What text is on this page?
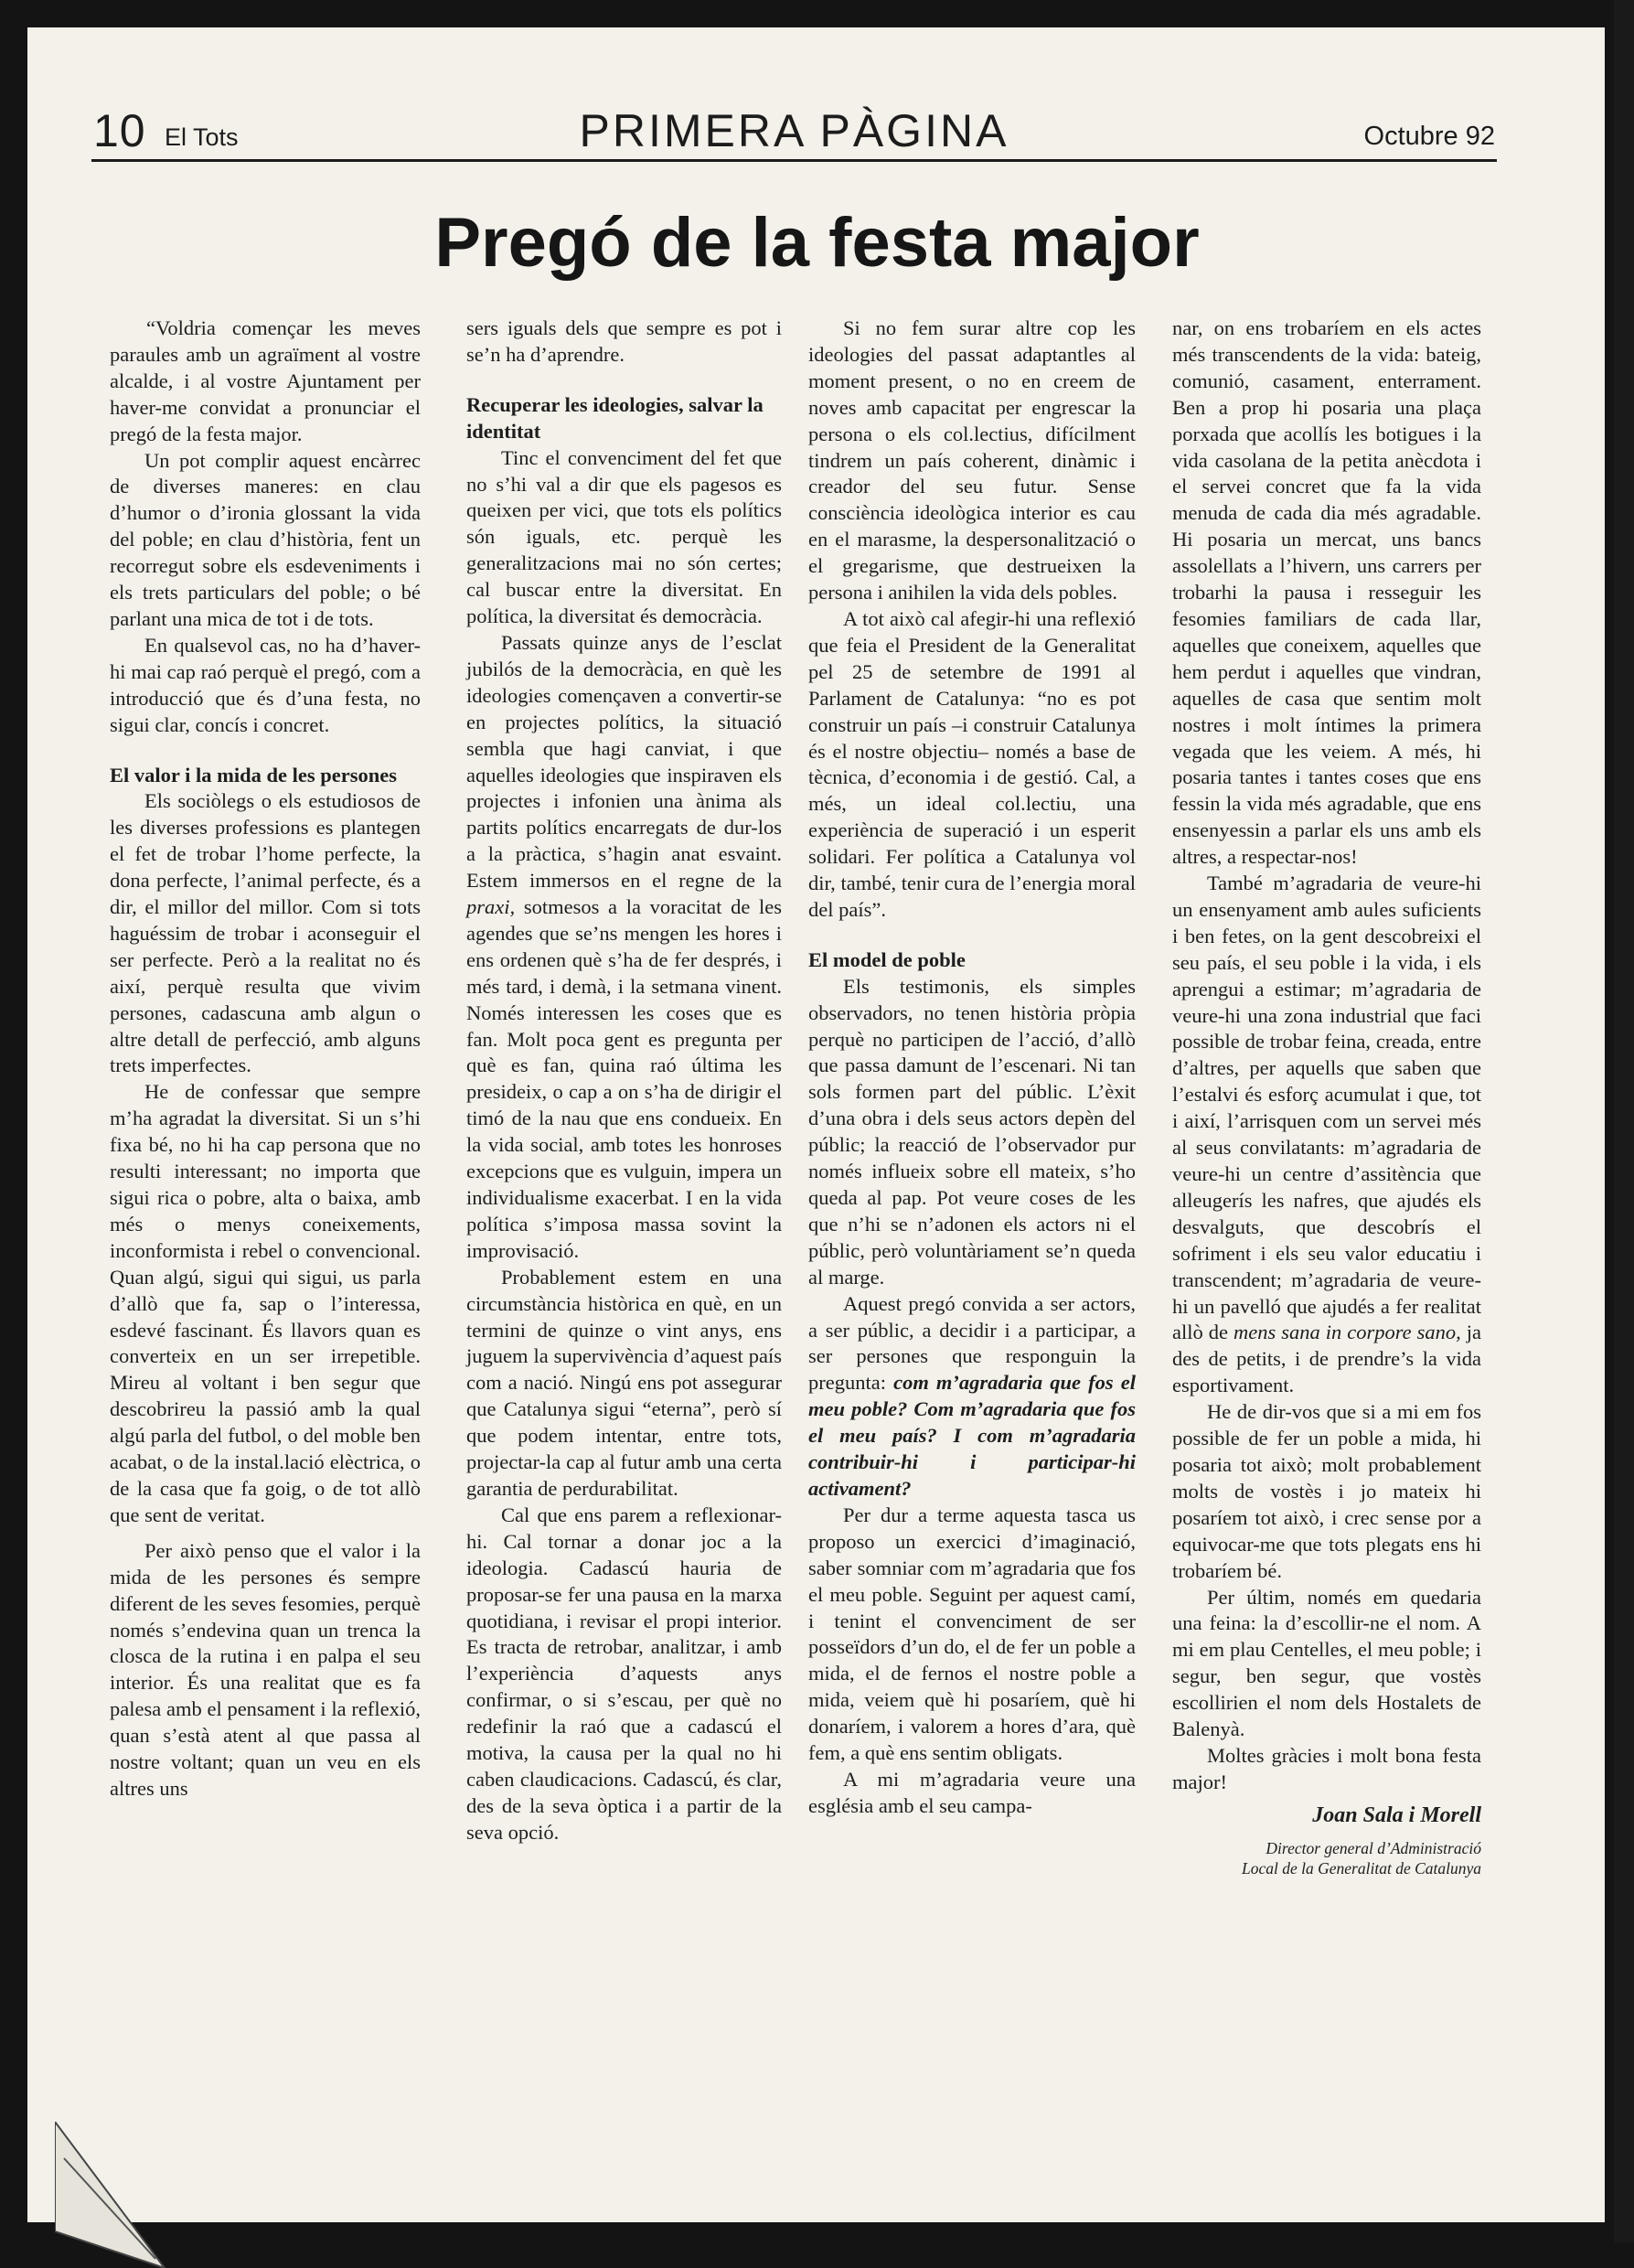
10 El Tots	PRIMERA PÀGINA	Octubre 92
Pregó de la festa major

“Voldria començar les meves paraules amb un agraïment al vostre alcalde, i al vostre Ajuntament per haver-me convidat a pronunciar el pregó de la festa major.

Un pot complir aquest encàrrec de diverses maneres: en clau d’humor o d’ironia glossant la vida del poble; en clau d’història, fent un recorregut sobre els esdeveniments i els trets particulars del poble; o bé parlant una mica de tot i de tots.

En qualsevol cas, no ha d’haver-hi mai cap raó perquè el pregó, com a introducció que és d’una festa, no sigui clar, concís i concret.

El valor i la mida de les persones

Els sociòlegs o els estudiosos de les diverses professions es plantegen el fet de trobar l’home perfecte, la dona perfecte, l’animal perfecte, és a dir, el millor del millor. Com si tots haguéssim de trobar i aconseguir el ser perfecte. Però a la realitat no és així, perquè resulta que vivim persones, cadascuna amb algun o altre detall de perfecció, amb alguns trets imperfectes.

He de confessar que sempre m’ha agradat la diversitat. Si un s’hi fixa bé, no hi ha cap persona que no resulti interessant; no importa que sigui rica o pobre, alta o baixa, amb més o menys coneixements, inconformista i rebel o convencional. Quan algú, sigui qui sigui, us parla d’allò que fa, sap o l’interessa, esdevé fascinant. És llavors quan es converteix en un ser irrepetible. Mireu al voltant i ben segur que descobrireu la passió amb la qual algú parla del futbol, o del moble ben acabat, o de la instal.lació elèctrica, o de la casa que fa goig, o de tot allò que sent de veritat.

Per això penso que el valor i la mida de les persones és sempre diferent de les seves fesomies, perquè només s’endevina quan un trenca la closca de la rutina i en palpa el seu interior. És una realitat que es fa palesa amb el pensament i la reflexió, quan s’està atent al que passa al nostre voltant; quan un veu en els altres uns

sers iguals dels que sempre es pot i se’n ha d’aprendre.

Recuperar les ideologies, salvar la identitat

Tinc el convenciment del fet que no s’hi val a dir que els pagesos es queixen per vici, que tots els polítics són iguals, etc. perquè les generalitzacions mai no són certes; cal buscar entre la diversitat. En política, la diversitat és democràcia.

Passats quinze anys de l’esclat jubilós de la democràcia, en què les ideologies començaven a convertir-se en projectes polítics, la situació sembla que hagi canviat, i que aquelles ideologies que inspiraven els projectes i infonien una ànima als partits polítics encarregats de dur-los a la pràctica, s’hagin anat esvaint. Estem immersos en el regne de la praxi, sotmesos a la voracitat de les agendes que se’ns mengen les hores i ens ordenen què s’ha de fer després, i més tard, i demà, i la setmana vinent. Només interessen les coses que es fan. Molt poca gent es pregunta per què es fan, quina raó última les presideix, o cap a on s’ha de dirigir el timó de la nau que ens condueix. En la vida social, amb totes les honroses excepcions que es vulguin, impera un individualisme exacerbat. I en la vida política s’imposa massa sovint la improvisació.

Probablement estem en una circumstància històrica en què, en un termini de quinze o vint anys, ens juguem la supervivència d’aquest país com a nació. Ningú ens pot assegurar que Catalunya sigui “eterna”, però sí que podem intentar, entre tots, projectar-la cap al futur amb una certa garantia de perdurabilitat.

Cal que ens parem a reflexionar-hi. Cal tornar a donar joc a la ideologia. Cadascú hauria de proposar-se fer una pausa en la marxa quotidiana, i revisar el propi interior. Es tracta de retrobar, analitzar, i amb l’experiència d’aquests anys confirmar, o si s’escau, per què no redefinir la raó que a cadascú el motiva, la causa per la qual no hi caben claudicacions. Cadascú, és clar, des de la seva òptica i a partir de la seva opció.

Si no fem surar altre cop les ideologies del passat adaptantles al moment present, o no en creem de noves amb capacitat per engrescar la persona o els col.lectius, difícilment tindrem un país coherent, dinàmic i creador del seu futur. Sense consciència ideològica interior es cau en el marasme, la despersonalització o el gregarisme, que destrueixen la persona i anihilen la vida dels pobles.

A tot això cal afegir-hi una reflexió que feia el President de la Generalitat pel 25 de setembre de 1991 al Parlament de Catalunya: “no es pot construir un país –i construir Catalunya és el nostre objectiu– només a base de tècnica, d’economia i de gestió. Cal, a més, un ideal col.lectiu, una experiència de superació i un esperit solidari. Fer política a Catalunya vol dir, també, tenir cura de l’energia moral del país”.

El model de poble

Els testimonis, els simples observadors, no tenen història pròpia perquè no participen de l’acció, d’allò que passa damunt de l’escenari. Ni tan sols formen part del públic. L’èxit d’una obra i dels seus actors depèn del públic; la reacció de l’observador pur només influeix sobre ell mateix, s’ho queda al pap. Pot veure coses de les que n’hi se n’adonen els actors ni el públic, però voluntàriament se’n queda al marge.

Aquest pregó convida a ser actors, a ser públic, a decidir i a participar, a ser persones que responguin la pregunta: com m’agradaria que fos el meu poble? Com m’agradaria que fos el meu país? I com m’agradaria contribuir-hi i participar-hi activament?

Per dur a terme aquesta tasca us proposo un exercici d’imaginació, saber somniar com m’agradaria que fos el meu poble. Seguint per aquest camí, i tenint el convenciment de ser posseïdors d’un do, el de fer un poble a mida, el de fernos el nostre poble a mida, veiem què hi posaríem, què hi donaríem, i valorem a hores d’ara, què fem, a què ens sentim obligats.

A mi m’agradaria veure una església amb el seu campa-

nar, on ens trobaríem en els actes més transcendents de la vida: bateig, comunió, casament, enterrament. Ben a prop hi posaria una plaça porxada que acollís les botigues i la vida casolana de la petita anècdota i el servei concret que fa la vida menuda de cada dia més agradable. Hi posaria un mercat, uns bancs assolellats a l’hivern, uns carrers per trobarhi la pausa i resseguir les fesomies familiars de cada llar, aquelles que coneixem, aquelles que hem perdut i aquelles que vindran, aquelles de casa que sentim molt nostres i molt íntimes la primera vegada que les veiem. A més, hi posaria tantes i tantes coses que ens fessin la vida més agradable, que ens ensenyessin a parlar els uns amb els altres, a respectar-nos!

També m’agradaria de veure-hi un ensenyament amb aules suficients i ben fetes, on la gent descobreixi el seu país, el seu poble i la vida, i els aprengui a estimar; m’agradaria de veure-hi una zona industrial que faci possible de trobar feina, creada, entre d’altres, per aquells que saben que l’estalvi és esforç acumulat i que, tot i així, l’arrisquen com un servei més al seus convilatants: m’agradaria de veure-hi un centre d’assitència que alleugerís les nafres, que ajudés els desvalguts, que descobrís el sofriment i els seu valor educatiu i transcendent; m’agradaria de veure-hi un pavelló que ajudés a fer realitat allò de mens sana in corpore sano, ja des de petits, i de prendre’s la vida esportivament.

He de dir-vos que si a mi em fos possible de fer un poble a mida, hi posaria tot això; molt probablement molts de vostès i jo mateix hi posaríem tot això, i crec sense por a equivocar-me que tots plegats ens hi trobaríem bé.

Per últim, només em quedaria una feina: la d’escollir-ne el nom. A mi em plau Centelles, el meu poble; i segur, ben segur, que vostès escollirien el nom dels Hostalets de Balenyà.

Moltes gràcies i molt bona festa major!

Joan Sala i Morell
Director general d’Administració
Local de la Generalitat de Catalunya
